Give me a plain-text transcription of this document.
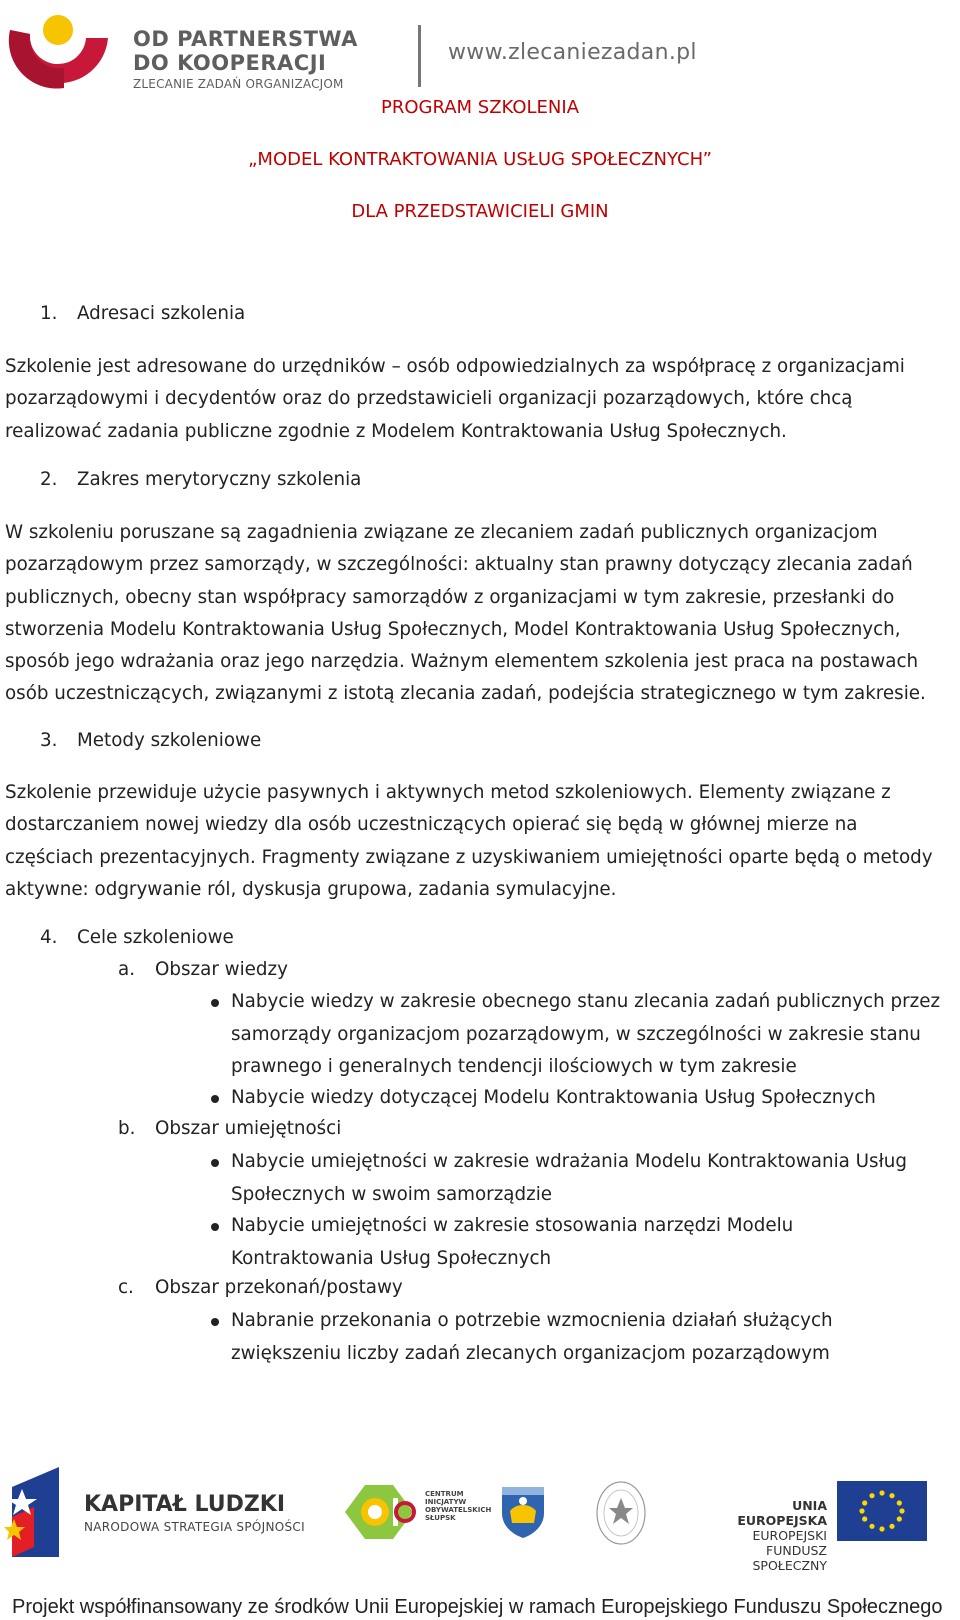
OD PARTNERSTWA
DO KOOPERACJI
ZLECANIE ZADAŃ ORGANIZACJOM
www.zlecaniezadan.pl
PROGRAM SZKOLENIA
„MODEL KONTRAKTOWANIA USŁUG SPOŁECZNYCH”
DLA PRZEDSTAWICIELI GMIN
1. Adresaci szkolenia
Szkolenie jest adresowane do urzędników – osób odpowiedzialnych za współpracę z organizacjami
pozarządowymi i decydentów oraz do przedstawicieli organizacji pozarządowych, które chcą
realizować zadania publiczne zgodnie z Modelem Kontraktowania Usług Społecznych.
2. Zakres merytoryczny szkolenia
W szkoleniu poruszane są zagadnienia związane ze zlecaniem zadań publicznych organizacjom
pozarządowym przez samorządy, w szczególności: aktualny stan prawny dotyczący zlecania zadań
publicznych, obecny stan współpracy samorządów z organizacjami w tym zakresie, przesłanki do
stworzenia Modelu Kontraktowania Usług Społecznych, Model Kontraktowania Usług Społecznych,
sposób jego wdrażania oraz jego narzędzia. Ważnym elementem szkolenia jest praca na postawach
osób uczestniczących, związanymi z istotą zlecania zadań, podejścia strategicznego w tym zakresie.
3. Metody szkoleniowe
Szkolenie przewiduje użycie pasywnych i aktywnych metod szkoleniowych. Elementy związane z
dostarczaniem nowej wiedzy dla osób uczestniczących opierać się będą w głównej mierze na
częściach prezentacyjnych. Fragmenty związane z uzyskiwaniem umiejętności oparte będą o metody
aktywne: odgrywanie ról, dyskusja grupowa, zadania symulacyjne.
4. Cele szkoleniowe
a. Obszar wiedzy
Nabycie wiedzy w zakresie obecnego stanu zlecania zadań publicznych przez
samorządy organizacjom pozarządowym, w szczególności w zakresie stanu
prawnego i generalnych tendencji ilościowych w tym zakresie
Nabycie wiedzy dotyczącej Modelu Kontraktowania Usług Społecznych
b. Obszar umiejętności
Nabycie umiejętności w zakresie wdrażania Modelu Kontraktowania Usług
Społecznych w swoim samorządzie
Nabycie umiejętności w zakresie stosowania narzędzi Modelu
Kontraktowania Usług Społecznych
c. Obszar przekonań/postawy
Nabranie przekonania o potrzebie wzmocnienia działań służących
zwiększeniu liczby zadań zlecanych organizacjom pozarządowym
KAPITAŁ LUDZKI
NARODOWA STRATEGIA SPÓJNOŚCI
CENTRUM
INICJATYW
OBYWATELSKICH
SŁUPSK
UNIA EUROPEJSKA
EUROPEJSKI
FUNDUSZ SPOŁECZNY
Projekt współfinansowany ze środków Unii Europejskiej w ramach Europejskiego Funduszu Społecznego
